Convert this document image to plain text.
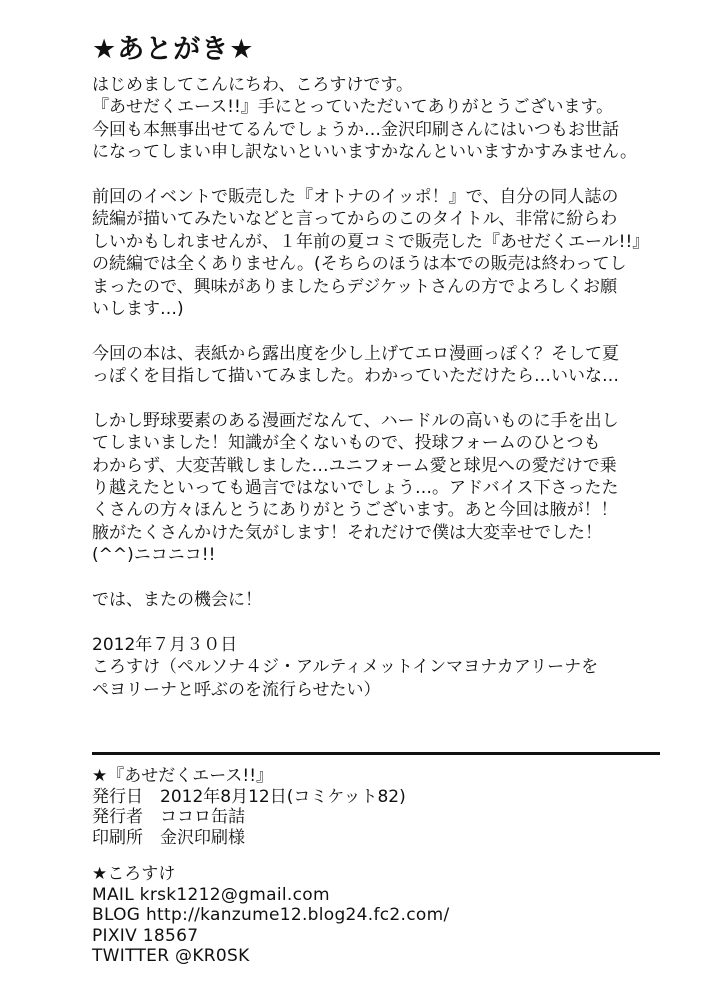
★あとがき★
はじめましてこんにちわ、ころすけです。
『あせだくエース!!』手にとっていただいてありがとうございます。
今回も本無事出せてるんでしょうか…金沢印刷さんにはいつもお世話
になってしまい申し訳ないといいますかなんといいますかすみません。
前回のイベントで販売した『オトナのイッポ！』で、自分の同人誌の
続編が描いてみたいなどと言ってからのこのタイトル、非常に紛らわ
しいかもしれませんが、１年前の夏コミで販売した『あせだくエール!!』
の続編では全くありません。(そちらのほうは本での販売は終わってし
まったので、興味がありましたらデジケットさんの方でよろしくお願
いします…)
今回の本は、表紙から露出度を少し上げてエロ漫画っぽく？そして夏
っぽくを目指して描いてみました。わかっていただけたら…いいな…
しかし野球要素のある漫画だなんて、ハードルの高いものに手を出し
てしまいました！知識が全くないもので、投球フォームのひとつも
わからず、大変苦戦しました…ユニフォーム愛と球児への愛だけで乗
り越えたといっても過言ではないでしょう…。アドバイス下さったた
くさんの方々ほんとうにありがとうございます。あと今回は腋が！！
腋がたくさんかけた気がします！それだけで僕は大変幸せでした！
(^^)ニコニコ!!
では、またの機会に！
2012年７月３０日
ころすけ（ペルソナ４ジ・アルティメットインマヨナカアリーナを
ペヨリーナと呼ぶのを流行らせたい）
★『あせだくエース!!』
発行日　2012年8月12日(コミケット82)
発行者　ココロ缶詰
印刷所　金沢印刷様
★ころすけ
MAIL krsk1212@gmail.com
BLOG http://kanzume12.blog24.fc2.com/
PIXIV 18567
TWITTER @KR0SK
